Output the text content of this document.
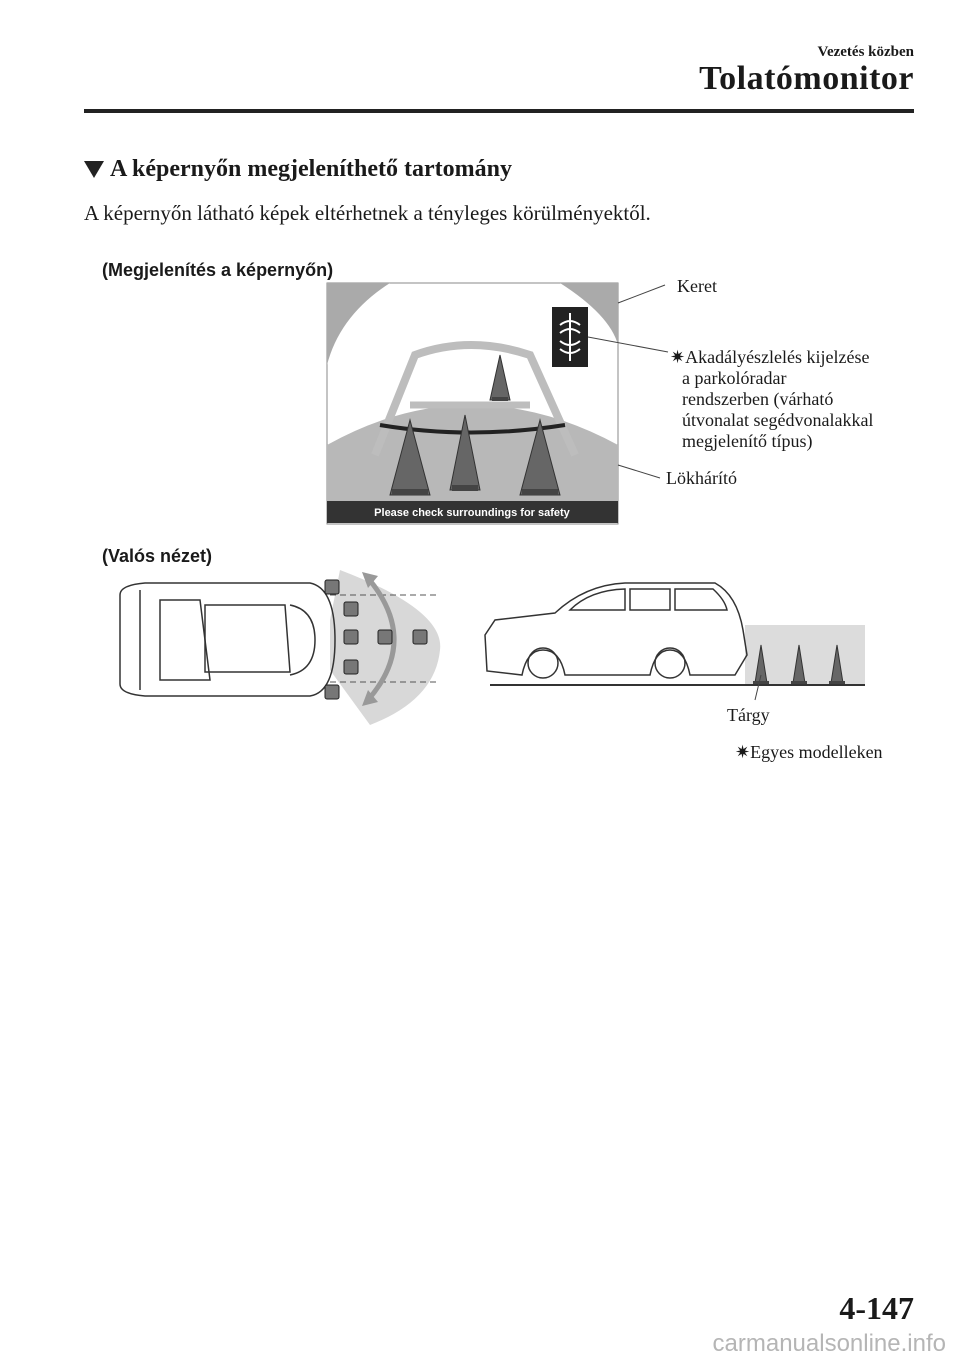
Vezetés közben
Tolatómonitor
A képernyőn megjeleníthető tartomány
A képernyőn látható képek eltérhetnek a tényleges körülményektől.
(Megjelenítés a képernyőn)
Please check surroundings for safety
Keret
✷Akadályészlelés kijelzése
a parkolóradar
rendszerben (várható
útvonalat segédvonalakkal
megjelenítő típus)
Lökhárító
(Valós nézet)
Tárgy
✷Egyes modelleken
4-147
carmanualsonline.info
